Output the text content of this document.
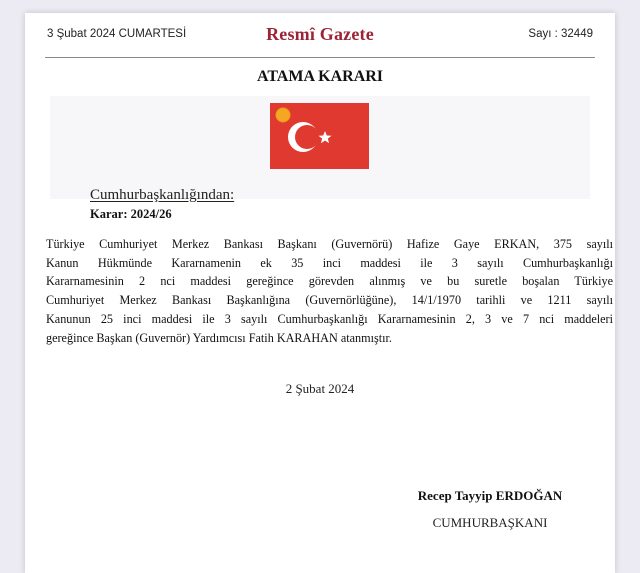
3 Şubat 2024 CUMARTESİ	Resmî Gazete	Sayı : 32449
ATAMA KARARI
Cumhurbaşkanlığından:
Karar: 2024/26
Türkiye Cumhuriyet Merkez Bankası Başkanı (Guvernörü) Hafize Gaye ERKAN, 375 sayılı
Kanun Hükmünde Kararnamenin ek 35 inci maddesi ile 3 sayılı Cumhurbaşkanlığı
Kararnamesinin 2 nci maddesi gereğince görevden alınmış ve bu suretle boşalan Türkiye
Cumhuriyet Merkez Bankası Başkanlığına (Guvernörlüğüne), 14/1/1970 tarihli ve 1211 sayılı
Kanunun 25 inci maddesi ile 3 sayılı Cumhurbaşkanlığı Kararnamesinin 2, 3 ve 7 nci maddeleri
gereğince Başkan (Guvernör) Yardımcısı Fatih KARAHAN atanmıştır.
2 Şubat 2024
Recep Tayyip ERDOĞAN
CUMHURBAŞKANI
